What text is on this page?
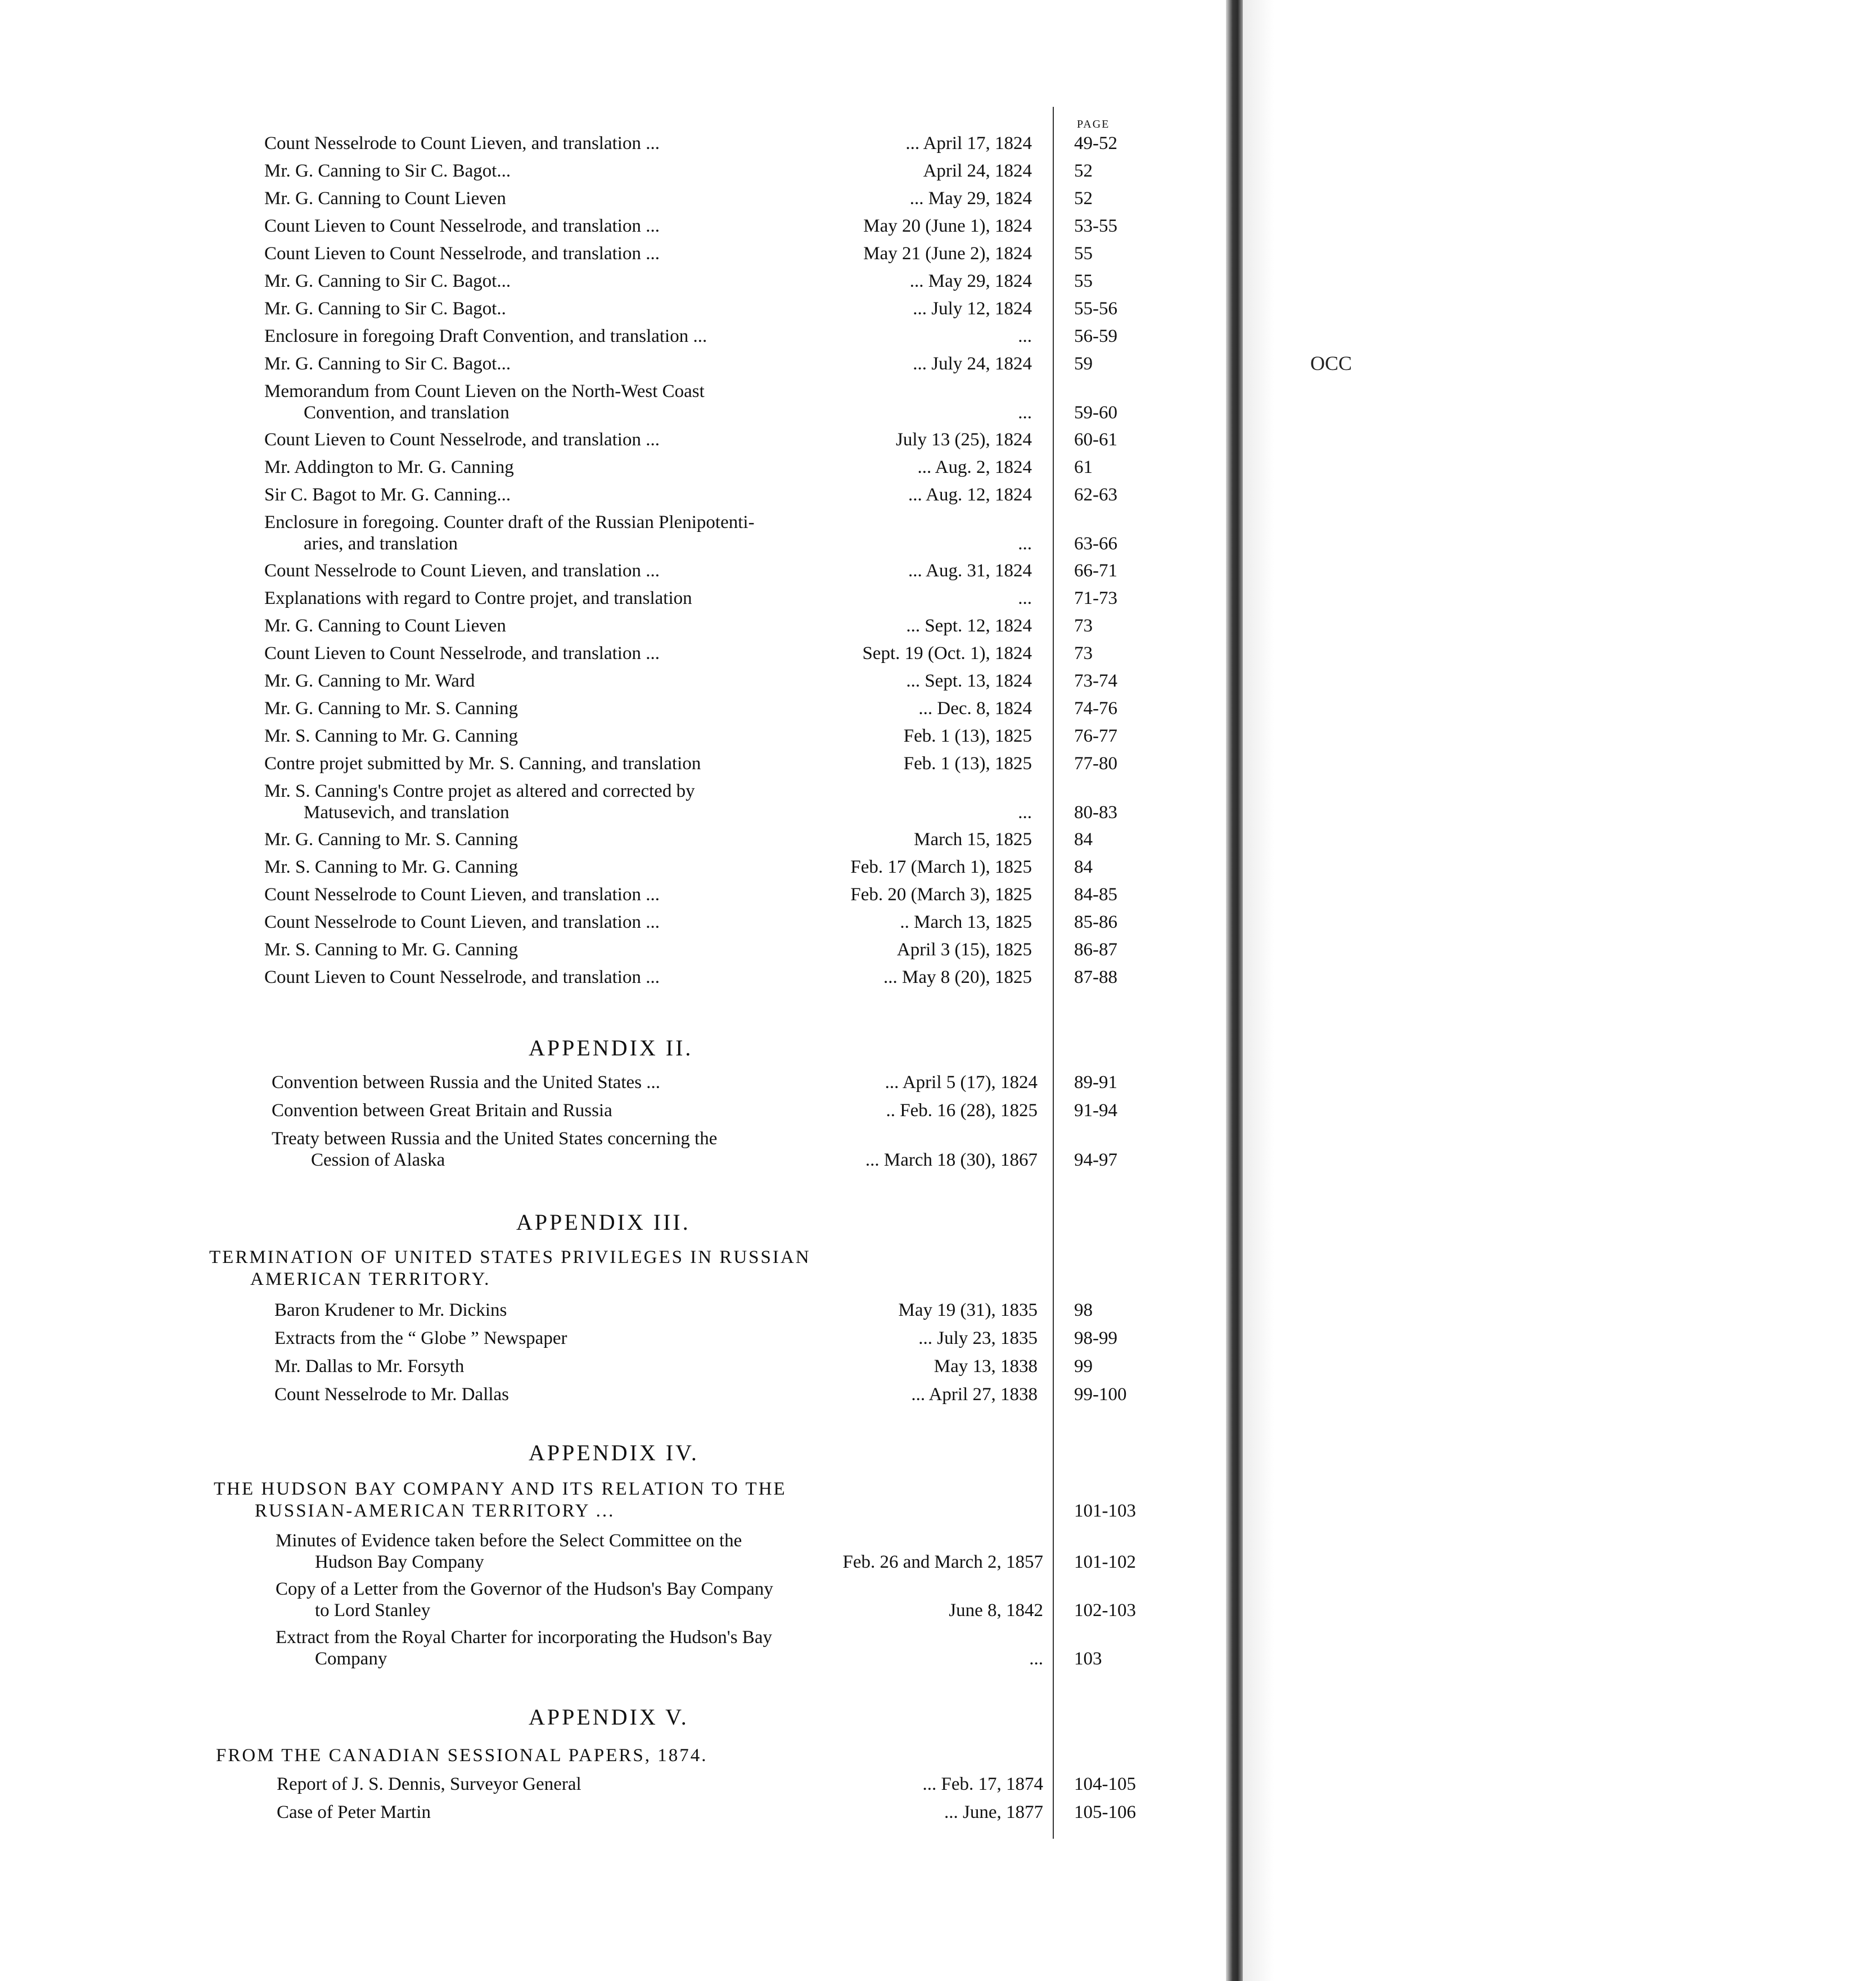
OCC
PAGE
Count Nesselrode to Count Lieven, and translation ...	... April 17, 1824 49-52
Mr. G. Canning to Sir C. Bagot...	April 24, 1824 52
Mr. G. Canning to Count Lieven	... May 29, 1824 52
Count Lieven to Count Nesselrode, and translation ...	May 20 (June 1), 1824 53-55
Count Lieven to Count Nesselrode, and translation ...	May 21 (June 2), 1824 55
Mr. G. Canning to Sir C. Bagot...	... May 29, 1824 55
Mr. G. Canning to Sir C. Bagot..	... July 12, 1824 55-56
Enclosure in foregoing Draft Convention, and translation ...	... 56-59
Mr. G. Canning to Sir C. Bagot...	... July 24, 1824 59
Memorandum from Count Lieven on the North-West Coast
Convention, and translation	... 59-60
Count Lieven to Count Nesselrode, and translation ...	July 13 (25), 1824 60-61
Mr. Addington to Mr. G. Canning	... Aug. 2, 1824 61
Sir C. Bagot to Mr. G. Canning...	... Aug. 12, 1824 62-63
Enclosure in foregoing. Counter draft of the Russian Plenipotenti-
aries, and translation	... 63-66
Count Nesselrode to Count Lieven, and translation ...	... Aug. 31, 1824 66-71
Explanations with regard to Contre projet, and translation	... 71-73
Mr. G. Canning to Count Lieven	... Sept. 12, 1824 73
Count Lieven to Count Nesselrode, and translation ...	Sept. 19 (Oct. 1), 1824 73
Mr. G. Canning to Mr. Ward	... Sept. 13, 1824 73-74
Mr. G. Canning to Mr. S. Canning	... Dec. 8, 1824 74-76
Mr. S. Canning to Mr. G. Canning	Feb. 1 (13), 1825 76-77
Contre projet submitted by Mr. S. Canning, and translation	Feb. 1 (13), 1825 77-80
Mr. S. Canning's Contre projet as altered and corrected by
Matusevich, and translation	... 80-83
Mr. G. Canning to Mr. S. Canning	March 15, 1825 84
Mr. S. Canning to Mr. G. Canning	Feb. 17 (March 1), 1825 84
Count Nesselrode to Count Lieven, and translation ...	Feb. 20 (March 3), 1825 84-85
Count Nesselrode to Count Lieven, and translation ...	.. March 13, 1825 85-86
Mr. S. Canning to Mr. G. Canning	April 3 (15), 1825 86-87
Count Lieven to Count Nesselrode, and translation ...	... May 8 (20), 1825 87-88
APPENDIX II.
Convention between Russia and the United States ...	... April 5 (17), 1824 89-91
Convention between Great Britain and Russia	.. Feb. 16 (28), 1825 91-94
Treaty between Russia and the United States concerning the
Cession of Alaska	... March 18 (30), 1867 94-97
APPENDIX III.
TERMINATION OF UNITED STATES PRIVILEGES IN RUSSIAN
AMERICAN TERRITORY.
Baron Krudener to Mr. Dickins	May 19 (31), 1835 98
Extracts from the “ Globe ” Newspaper	... July 23, 1835 98-99
Mr. Dallas to Mr. Forsyth	May 13, 1838 99
Count Nesselrode to Mr. Dallas	... April 27, 1838 99-100
APPENDIX IV.
THE HUDSON BAY COMPANY AND ITS RELATION TO THE
RUSSIAN-AMERICAN TERRITORY ...	101-103
Minutes of Evidence taken before the Select Committee on the
Hudson Bay Company	Feb. 26 and March 2, 1857 101-102
Copy of a Letter from the Governor of the Hudson's Bay Company
to Lord Stanley	June 8, 1842 102-103
Extract from the Royal Charter for incorporating the Hudson's Bay
Company	... 103
APPENDIX V.
FROM THE CANADIAN SESSIONAL PAPERS, 1874.
Report of J. S. Dennis, Surveyor General	... Feb. 17, 1874 104-105
Case of Peter Martin	... June, 1877 105-106
